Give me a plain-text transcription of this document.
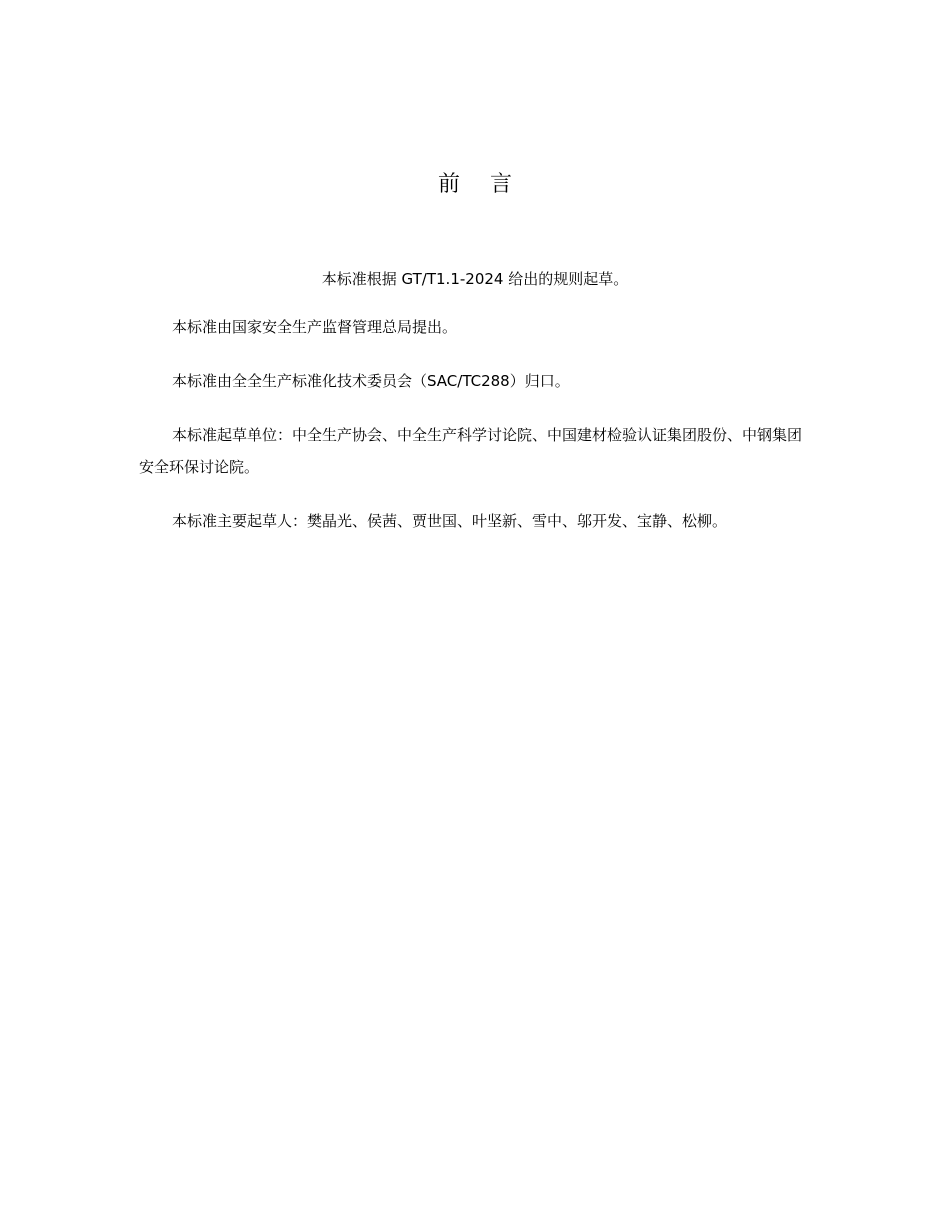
前 言

本标准根据 GT/T1.1-2024 给出的规则起草。

本标准由国家安全生产监督管理总局提出。

本标准由全全生产标准化技术委员会（SAC/TC288）归口。

本标准起草单位：中全生产协会、中全生产科学讨论院、中国建材检验认证集团股份、中钢集团安全环保讨论院。

本标准主要起草人：樊晶光、侯茜、贾世国、叶坚新、雪中、邬开发、宝静、松柳。
